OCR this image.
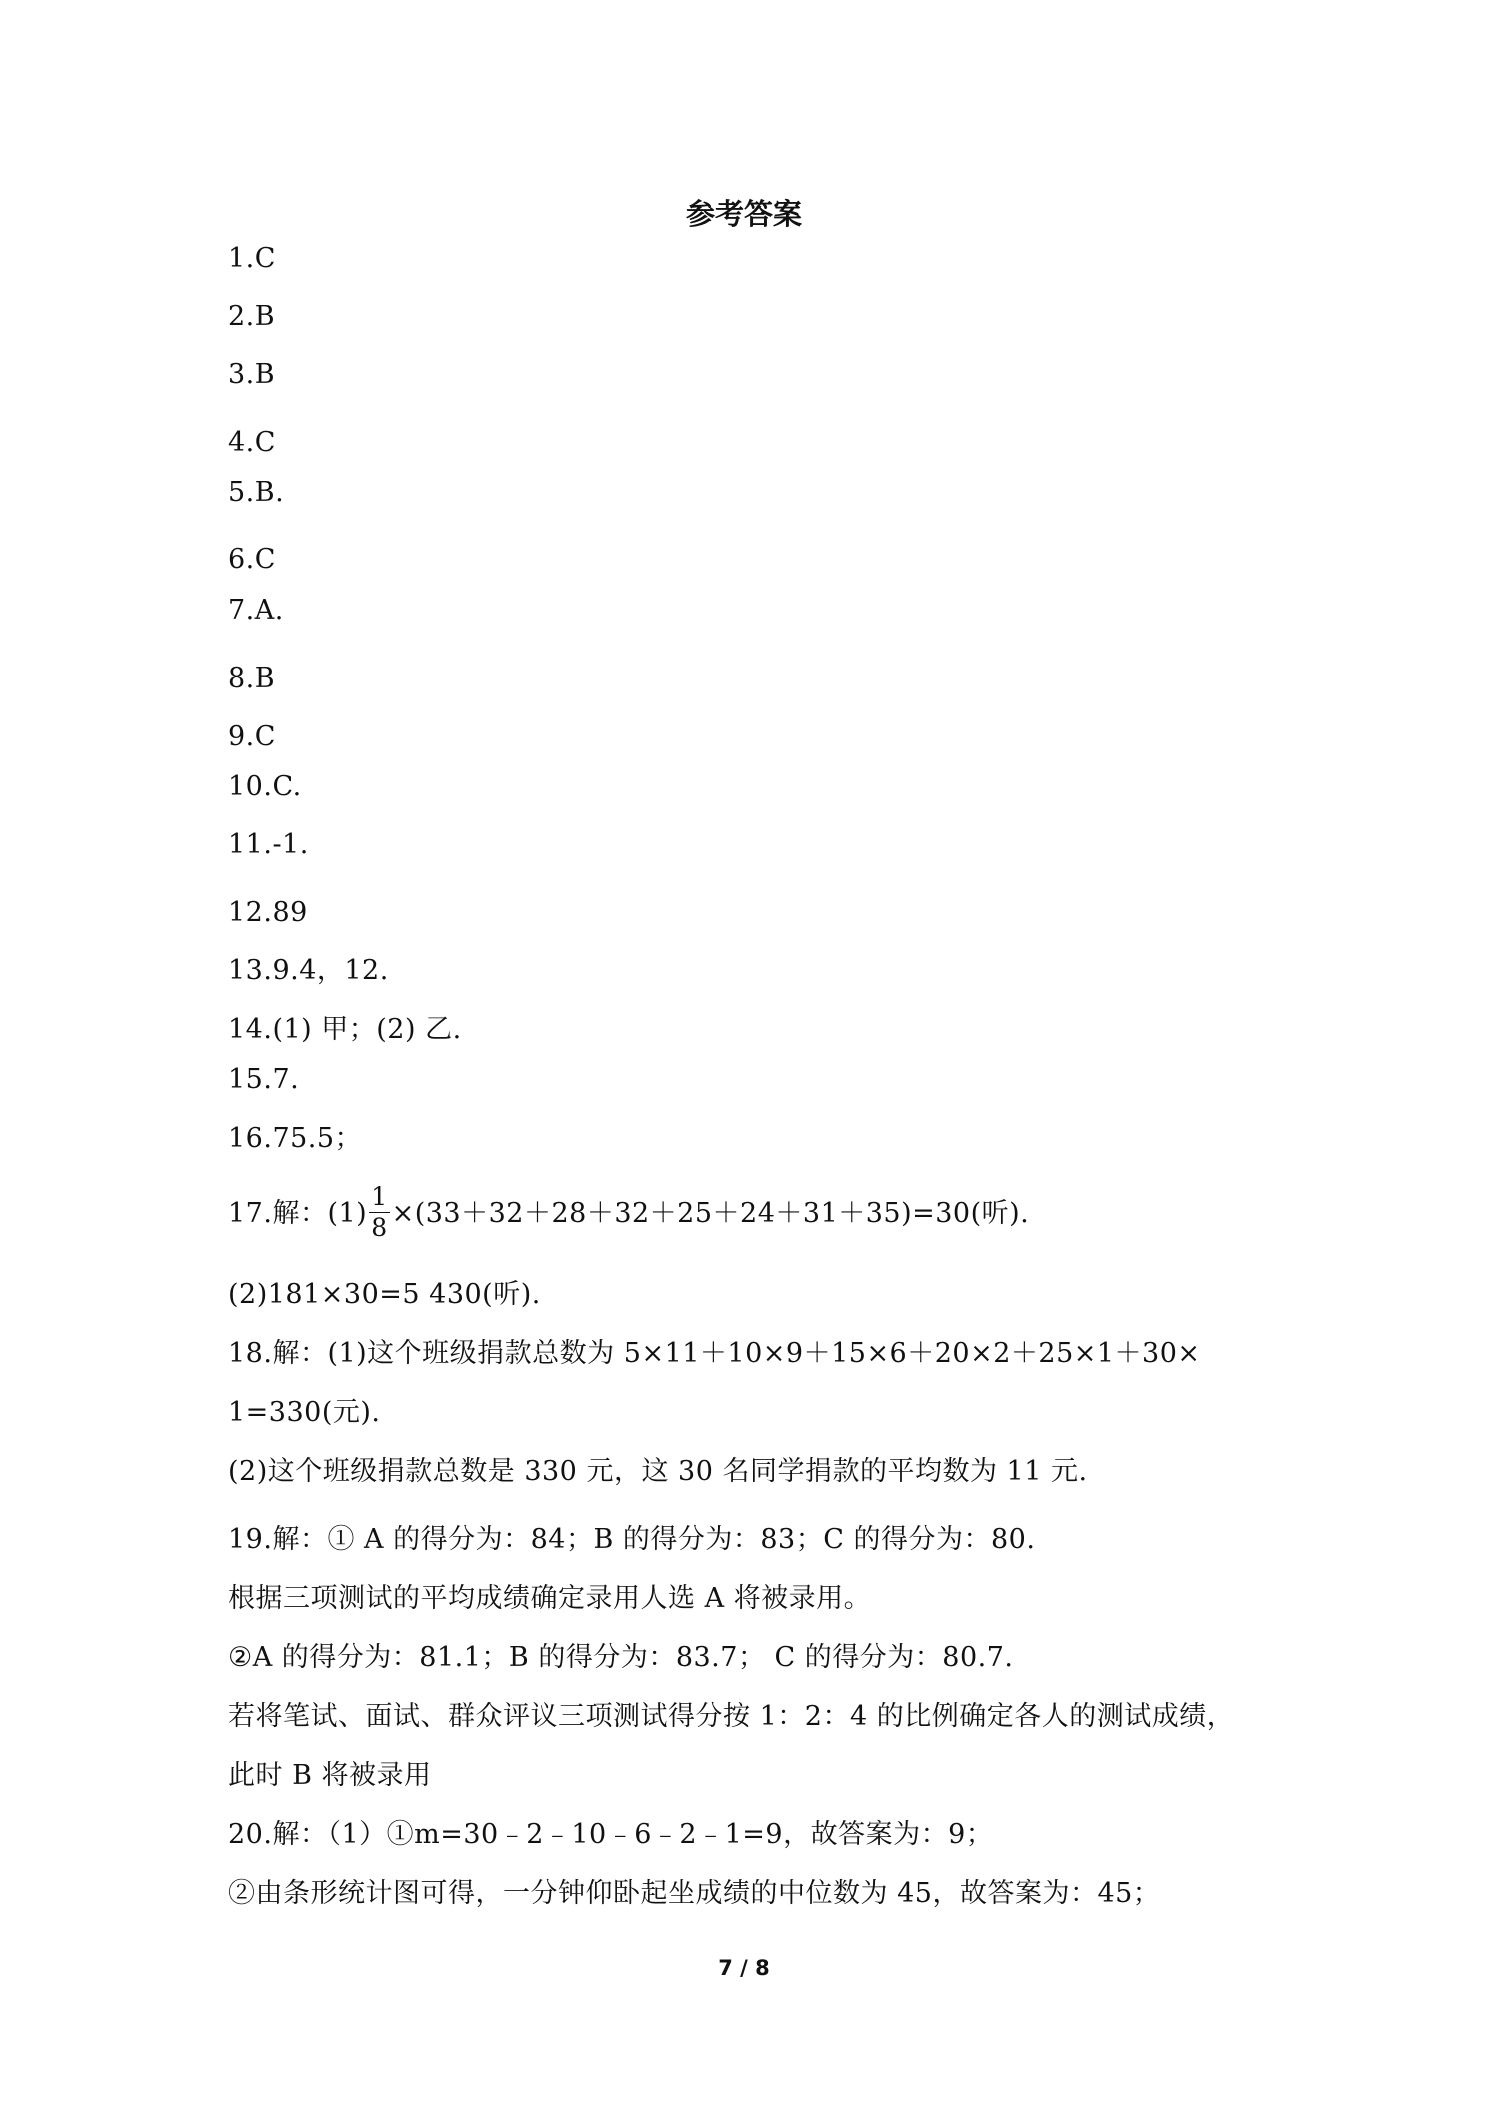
参考答案
1.C
2.B
3.B
4.C
5.B.
6.C
7.A.
8.B
9.C
10.C.
11.-1.
12.89
13.9.4，12.
14.(1) 甲；(2) 乙.
15.7.
16.75.5；
17.解：$(1) \frac{1}{8} \times(33+32+28+32+25+24+31+35)=30$(听).
(2)181×30=5 430(听).
18.解：(1)这个班级捐款总数为 5×11＋10×9＋15×6＋20×2＋25×1＋30×
1=330(元).
(2)这个班级捐款总数是 330 元，这 30 名同学捐款的平均数为 11 元.
19.解：① A 的得分为：84；B 的得分为：83；C 的得分为：80.
根据三项测试的平均成绩确定录用人选 A 将被录用。
②A 的得分为：81.1；B 的得分为：83.7； C 的得分为：80.7.
若将笔试、面试、群众评议三项测试得分按 1：2：4 的比例确定各人的测试成绩，
此时 B 将被录用
20.解：（1）①m=30﹣2﹣10﹣6﹣2﹣1=9，故答案为：9；
②由条形统计图可得，一分钟仰卧起坐成绩的中位数为 45，故答案为：45；
7 / 8
